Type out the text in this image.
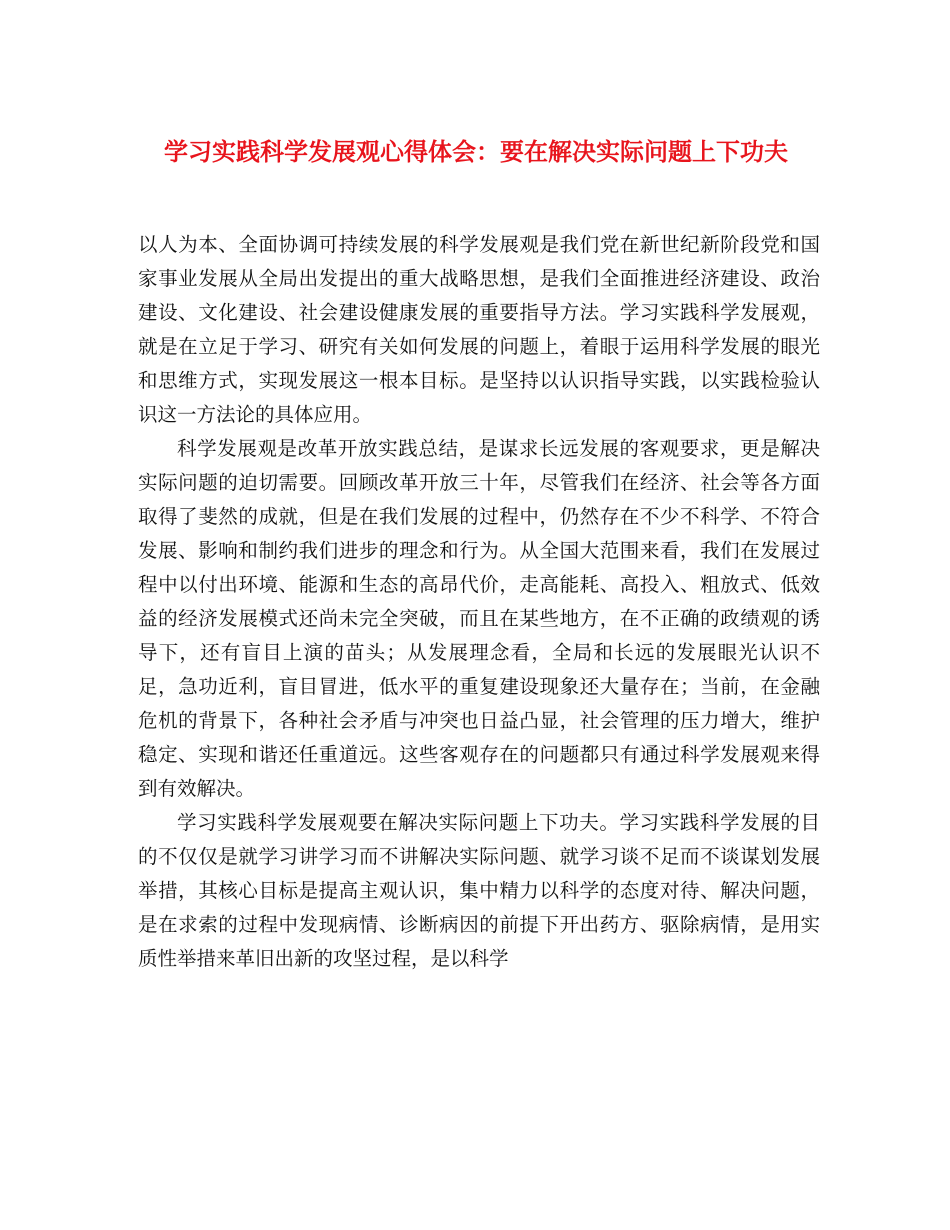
学习实践科学发展观心得体会：要在解决实际问题上下功夫

以人为本、全面协调可持续发展的科学发展观是我们党在新世纪新阶段党和国家事业发展从全局出发提出的重大战略思想，是我们全面推进经济建设、政治建设、文化建设、社会建设健康发展的重要指导方法。学习实践科学发展观，就是在立足于学习、研究有关如何发展的问题上，着眼于运用科学发展的眼光和思维方式，实现发展这一根本目标。是坚持以认识指导实践，以实践检验认识这一方法论的具体应用。

科学发展观是改革开放实践总结，是谋求长远发展的客观要求，更是解决实际问题的迫切需要。回顾改革开放三十年，尽管我们在经济、社会等各方面取得了斐然的成就，但是在我们发展的过程中，仍然存在不少不科学、不符合发展、影响和制约我们进步的理念和行为。从全国大范围来看，我们在发展过程中以付出环境、能源和生态的高昂代价，走高能耗、高投入、粗放式、低效益的经济发展模式还尚未完全突破，而且在某些地方，在不正确的政绩观的诱导下，还有盲目上演的苗头；从发展理念看，全局和长远的发展眼光认识不足，急功近利，盲目冒进，低水平的重复建设现象还大量存在；当前，在金融危机的背景下，各种社会矛盾与冲突也日益凸显，社会管理的压力增大，维护稳定、实现和谐还任重道远。这些客观存在的问题都只有通过科学发展观来得到有效解决。

学习实践科学发展观要在解决实际问题上下功夫。学习实践科学发展的目的不仅仅是就学习讲学习而不讲解决实际问题、就学习谈不足而不谈谋划发展举措，其核心目标是提高主观认识，集中精力以科学的态度对待、解决问题，是在求索的过程中发现病情、诊断病因的前提下开出药方、驱除病情，是用实质性举措来革旧出新的攻坚过程，是以科学
